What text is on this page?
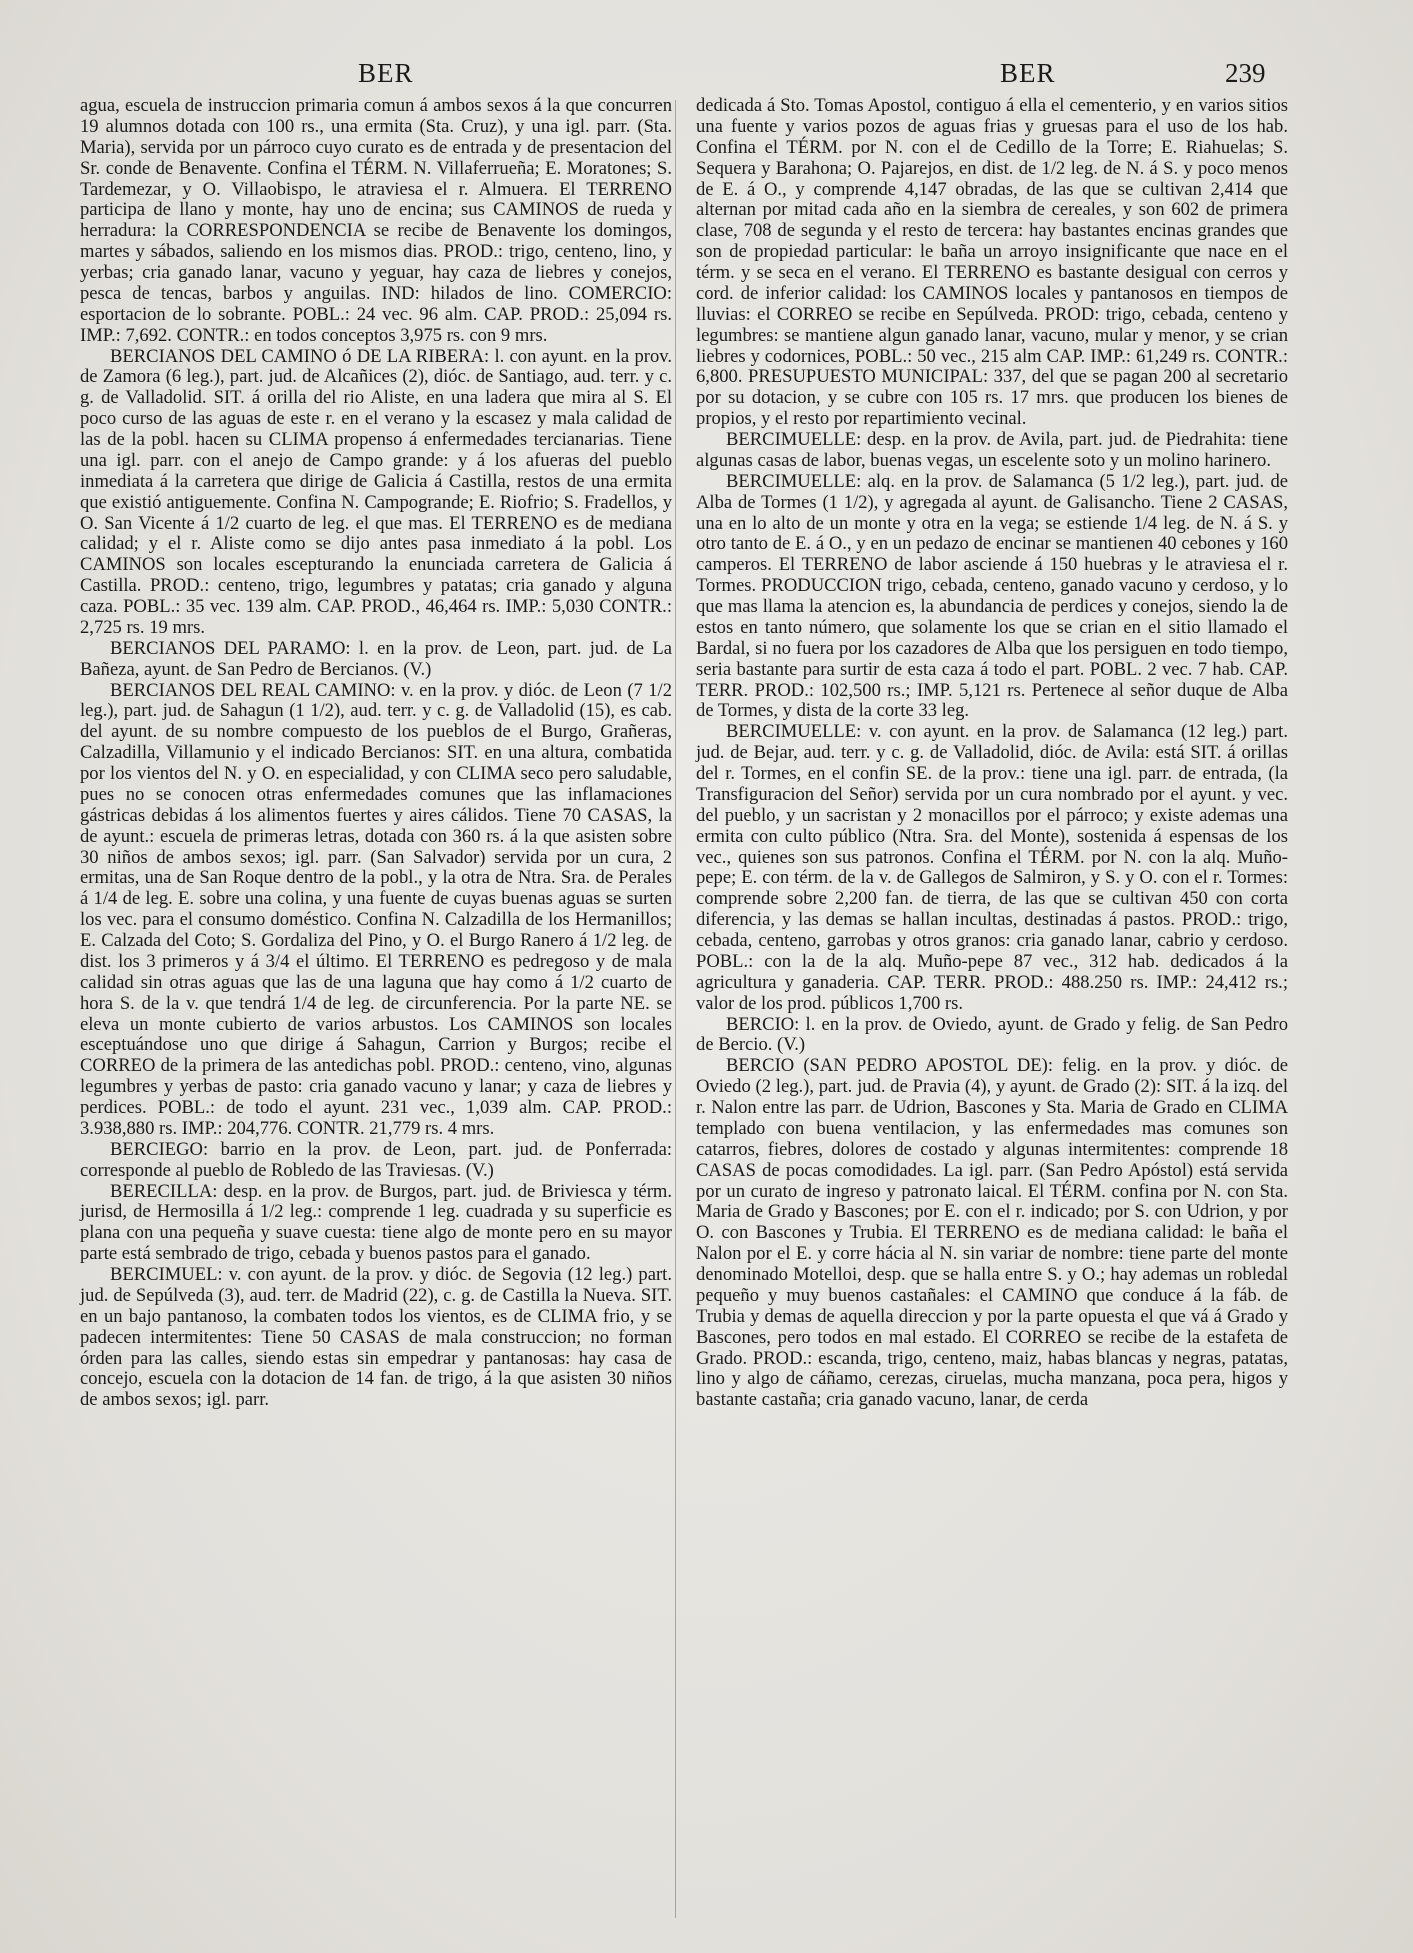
BER	BER	239

agua, escuela de instruccion primaria comun á ambos sexos á la que concurren 19 alumnos dotada con 100 rs., una ermita (Sta. Cruz), y una igl. parr. (Sta. Maria), servida por un párroco cuyo curato es de entrada y de presentacion del Sr. conde de Benavente. Confina el TÉRM. N. Villaferrueña; E. Moratones; S. Tardemezar, y O. Villaobispo, le atraviesa el r. Almuera. El TERRENO participa de llano y monte, hay uno de encina; sus CAMINOS de rueda y herradura: la CORRESPONDENCIA se recibe de Benavente los domingos, martes y sábados, saliendo en los mismos dias. PROD.: trigo, centeno, lino, y yerbas; cria ganado lanar, vacuno y yeguar, hay caza de liebres y conejos, pesca de tencas, barbos y anguilas. IND: hilados de lino. COMERCIO: esportacion de lo sobrante. POBL.: 24 vec. 96 alm. CAP. PROD.: 25,094 rs. IMP.: 7,692. CONTR.: en todos conceptos 3,975 rs. con 9 mrs.

BERCIANOS DEL CAMINO ó DE LA RIBERA: l. con ayunt. en la prov. de Zamora (6 leg.), part. jud. de Alcañices (2), dióc. de Santiago, aud. terr. y c. g. de Valladolid. SIT. á orilla del rio Aliste, en una ladera que mira al S. El poco curso de las aguas de este r. en el verano y la escasez y mala calidad de las de la pobl. hacen su CLIMA propenso á enfermedades tercianarias. Tiene una igl. parr. con el anejo de Campo grande: y á los afueras del pueblo inmediata á la carretera que dirige de Galicia á Castilla, restos de una ermita que existió antiguemente. Confina N. Campogrande; E. Riofrio; S. Fradellos, y O. San Vicente á 1/2 cuarto de leg. el que mas. El TERRENO es de mediana calidad; y el r. Aliste como se dijo antes pasa inmediato á la pobl. Los CAMINOS son locales escepturando la enunciada carretera de Galicia á Castilla. PROD.: centeno, trigo, legumbres y patatas; cria ganado y alguna caza. POBL.: 35 vec. 139 alm. CAP. PROD., 46,464 rs. IMP.: 5,030 CONTR.: 2,725 rs. 19 mrs.

BERCIANOS DEL PARAMO: l. en la prov. de Leon, part. jud. de La Bañeza, ayunt. de San Pedro de Bercianos. (V.)

BERCIANOS DEL REAL CAMINO: v. en la prov. y dióc. de Leon (7 1/2 leg.), part. jud. de Sahagun (1 1/2), aud. terr. y c. g. de Valladolid (15), es cab. del ayunt. de su nombre compuesto de los pueblos de el Burgo, Grañeras, Calzadilla, Villamunio y el indicado Bercianos: SIT. en una altura, combatida por los vientos del N. y O. en especialidad, y con CLIMA seco pero saludable, pues no se conocen otras enfermedades comunes que las inflamaciones gástricas debidas á los alimentos fuertes y aires cálidos. Tiene 70 CASAS, la de ayunt.: escuela de primeras letras, dotada con 360 rs. á la que asisten sobre 30 niños de ambos sexos; igl. parr. (San Salvador) servida por un cura, 2 ermitas, una de San Roque dentro de la pobl., y la otra de Ntra. Sra. de Perales á 1/4 de leg. E. sobre una colina, y una fuente de cuyas buenas aguas se surten los vec. para el consumo doméstico. Confina N. Calzadilla de los Hermanillos; E. Calzada del Coto; S. Gordaliza del Pino, y O. el Burgo Ranero á 1/2 leg. de dist. los 3 primeros y á 3/4 el último. El TERRENO es pedregoso y de mala calidad sin otras aguas que las de una laguna que hay como á 1/2 cuarto de hora S. de la v. que tendrá 1/4 de leg. de circunferencia. Por la parte NE. se eleva un monte cubierto de varios arbustos. Los CAMINOS son locales esceptuándose uno que dirige á Sahagun, Carrion y Burgos; recibe el CORREO de la primera de las antedichas pobl. PROD.: centeno, vino, algunas legumbres y yerbas de pasto: cria ganado vacuno y lanar; y caza de liebres y perdices. POBL.: de todo el ayunt. 231 vec., 1,039 alm. CAP. PROD.: 3.938,880 rs. IMP.: 204,776. CONTR. 21,779 rs. 4 mrs.

BERCIEGO: barrio en la prov. de Leon, part. jud. de Ponferrada: corresponde al pueblo de Robledo de las Traviesas. (V.)

BERECILLA: desp. en la prov. de Burgos, part. jud. de Briviesca y térm. jurisd, de Hermosilla á 1/2 leg.: comprende 1 leg. cuadrada y su superficie es plana con una pequeña y suave cuesta: tiene algo de monte pero en su mayor parte está sembrado de trigo, cebada y buenos pastos para el ganado.

BERCIMUEL: v. con ayunt. de la prov. y dióc. de Segovia (12 leg.) part. jud. de Sepúlveda (3), aud. terr. de Madrid (22), c. g. de Castilla la Nueva. SIT. en un bajo pantanoso, la combaten todos los vientos, es de CLIMA frio, y se padecen intermitentes: Tiene 50 CASAS de mala construccion; no forman órden para las calles, siendo estas sin empedrar y pantanosas: hay casa de concejo, escuela con la dotacion de 14 fan. de trigo, á la que asisten 30 niños de ambos sexos; igl. parr.

dedicada á Sto. Tomas Apostol, contiguo á ella el cementerio, y en varios sitios una fuente y varios pozos de aguas frias y gruesas para el uso de los hab. Confina el TÉRM. por N. con el de Cedillo de la Torre; E. Riahuelas; S. Sequera y Barahona; O. Pajarejos, en dist. de 1/2 leg. de N. á S. y poco menos de E. á O., y comprende 4,147 obradas, de las que se cultivan 2,414 que alternan por mitad cada año en la siembra de cereales, y son 602 de primera clase, 708 de segunda y el resto de tercera: hay bastantes encinas grandes que son de propiedad particular: le baña un arroyo insignificante que nace en el térm. y se seca en el verano. El TERRENO es bastante desigual con cerros y cord. de inferior calidad: los CAMINOS locales y pantanosos en tiempos de lluvias: el CORREO se recibe en Sepúlveda. PROD: trigo, cebada, centeno y legumbres: se mantiene algun ganado lanar, vacuno, mular y menor, y se crian liebres y codornices, POBL.: 50 vec., 215 alm CAP. IMP.: 61,249 rs. CONTR.: 6,800. PRESUPUESTO MUNICIPAL: 337, del que se pagan 200 al secretario por su dotacion, y se cubre con 105 rs. 17 mrs. que producen los bienes de propios, y el resto por repartimiento vecinal.

BERCIMUELLE: desp. en la prov. de Avila, part. jud. de Piedrahita: tiene algunas casas de labor, buenas vegas, un escelente soto y un molino harinero.

BERCIMUELLE: alq. en la prov. de Salamanca (5 1/2 leg.), part. jud. de Alba de Tormes (1 1/2), y agregada al ayunt. de Galisancho. Tiene 2 CASAS, una en lo alto de un monte y otra en la vega; se estiende 1/4 leg. de N. á S. y otro tanto de E. á O., y en un pedazo de encinar se mantienen 40 cebones y 160 camperos. El TERRENO de labor asciende á 150 huebras y le atraviesa el r. Tormes. PRODUCCION trigo, cebada, centeno, ganado vacuno y cerdoso, y lo que mas llama la atencion es, la abundancia de perdices y conejos, siendo la de estos en tanto número, que solamente los que se crian en el sitio llamado el Bardal, si no fuera por los cazadores de Alba que los persiguen en todo tiempo, seria bastante para surtir de esta caza á todo el part. POBL. 2 vec. 7 hab. CAP. TERR. PROD.: 102,500 rs.; IMP. 5,121 rs. Pertenece al señor duque de Alba de Tormes, y dista de la corte 33 leg.

BERCIMUELLE: v. con ayunt. en la prov. de Salamanca (12 leg.) part. jud. de Bejar, aud. terr. y c. g. de Valladolid, dióc. de Avila: está SIT. á orillas del r. Tormes, en el confin SE. de la prov.: tiene una igl. parr. de entrada, (la Transfiguracion del Señor) servida por un cura nombrado por el ayunt. y vec. del pueblo, y un sacristan y 2 monacillos por el párroco; y existe ademas una ermita con culto público (Ntra. Sra. del Monte), sostenida á espensas de los vec., quienes son sus patronos. Confina el TÉRM. por N. con la alq. Muño-pepe; E. con térm. de la v. de Gallegos de Salmiron, y S. y O. con el r. Tormes: comprende sobre 2,200 fan. de tierra, de las que se cultivan 450 con corta diferencia, y las demas se hallan incultas, destinadas á pastos. PROD.: trigo, cebada, centeno, garrobas y otros granos: cria ganado lanar, cabrio y cerdoso. POBL.: con la de la alq. Muño-pepe 87 vec., 312 hab. dedicados á la agricultura y ganaderia. CAP. TERR. PROD.: 488.250 rs. IMP.: 24,412 rs.; valor de los prod. públicos 1,700 rs.

BERCIO: l. en la prov. de Oviedo, ayunt. de Grado y felig. de San Pedro de Bercio. (V.)

BERCIO (SAN PEDRO APOSTOL DE): felig. en la prov. y dióc. de Oviedo (2 leg.), part. jud. de Pravia (4), y ayunt. de Grado (2): SIT. á la izq. del r. Nalon entre las parr. de Udrion, Bascones y Sta. Maria de Grado en CLIMA templado con buena ventilacion, y las enfermedades mas comunes son catarros, fiebres, dolores de costado y algunas intermitentes: comprende 18 CASAS de pocas comodidades. La igl. parr. (San Pedro Apóstol) está servida por un curato de ingreso y patronato laical. El TÉRM. confina por N. con Sta. Maria de Grado y Bascones; por E. con el r. indicado; por S. con Udrion, y por O. con Bascones y Trubia. El TERRENO es de mediana calidad: le baña el Nalon por el E. y corre hácia al N. sin variar de nombre: tiene parte del monte denominado Motelloi, desp. que se halla entre S. y O.; hay ademas un robledal pequeño y muy buenos castañales: el CAMINO que conduce á la fáb. de Trubia y demas de aquella direccion y por la parte opuesta el que vá á Grado y Bascones, pero todos en mal estado. El CORREO se recibe de la estafeta de Grado. PROD.: escanda, trigo, centeno, maiz, habas blancas y negras, patatas, lino y algo de cáñamo, cerezas, ciruelas, mucha manzana, poca pera, higos y bastante castaña; cria ganado vacuno, lanar, de cerda
